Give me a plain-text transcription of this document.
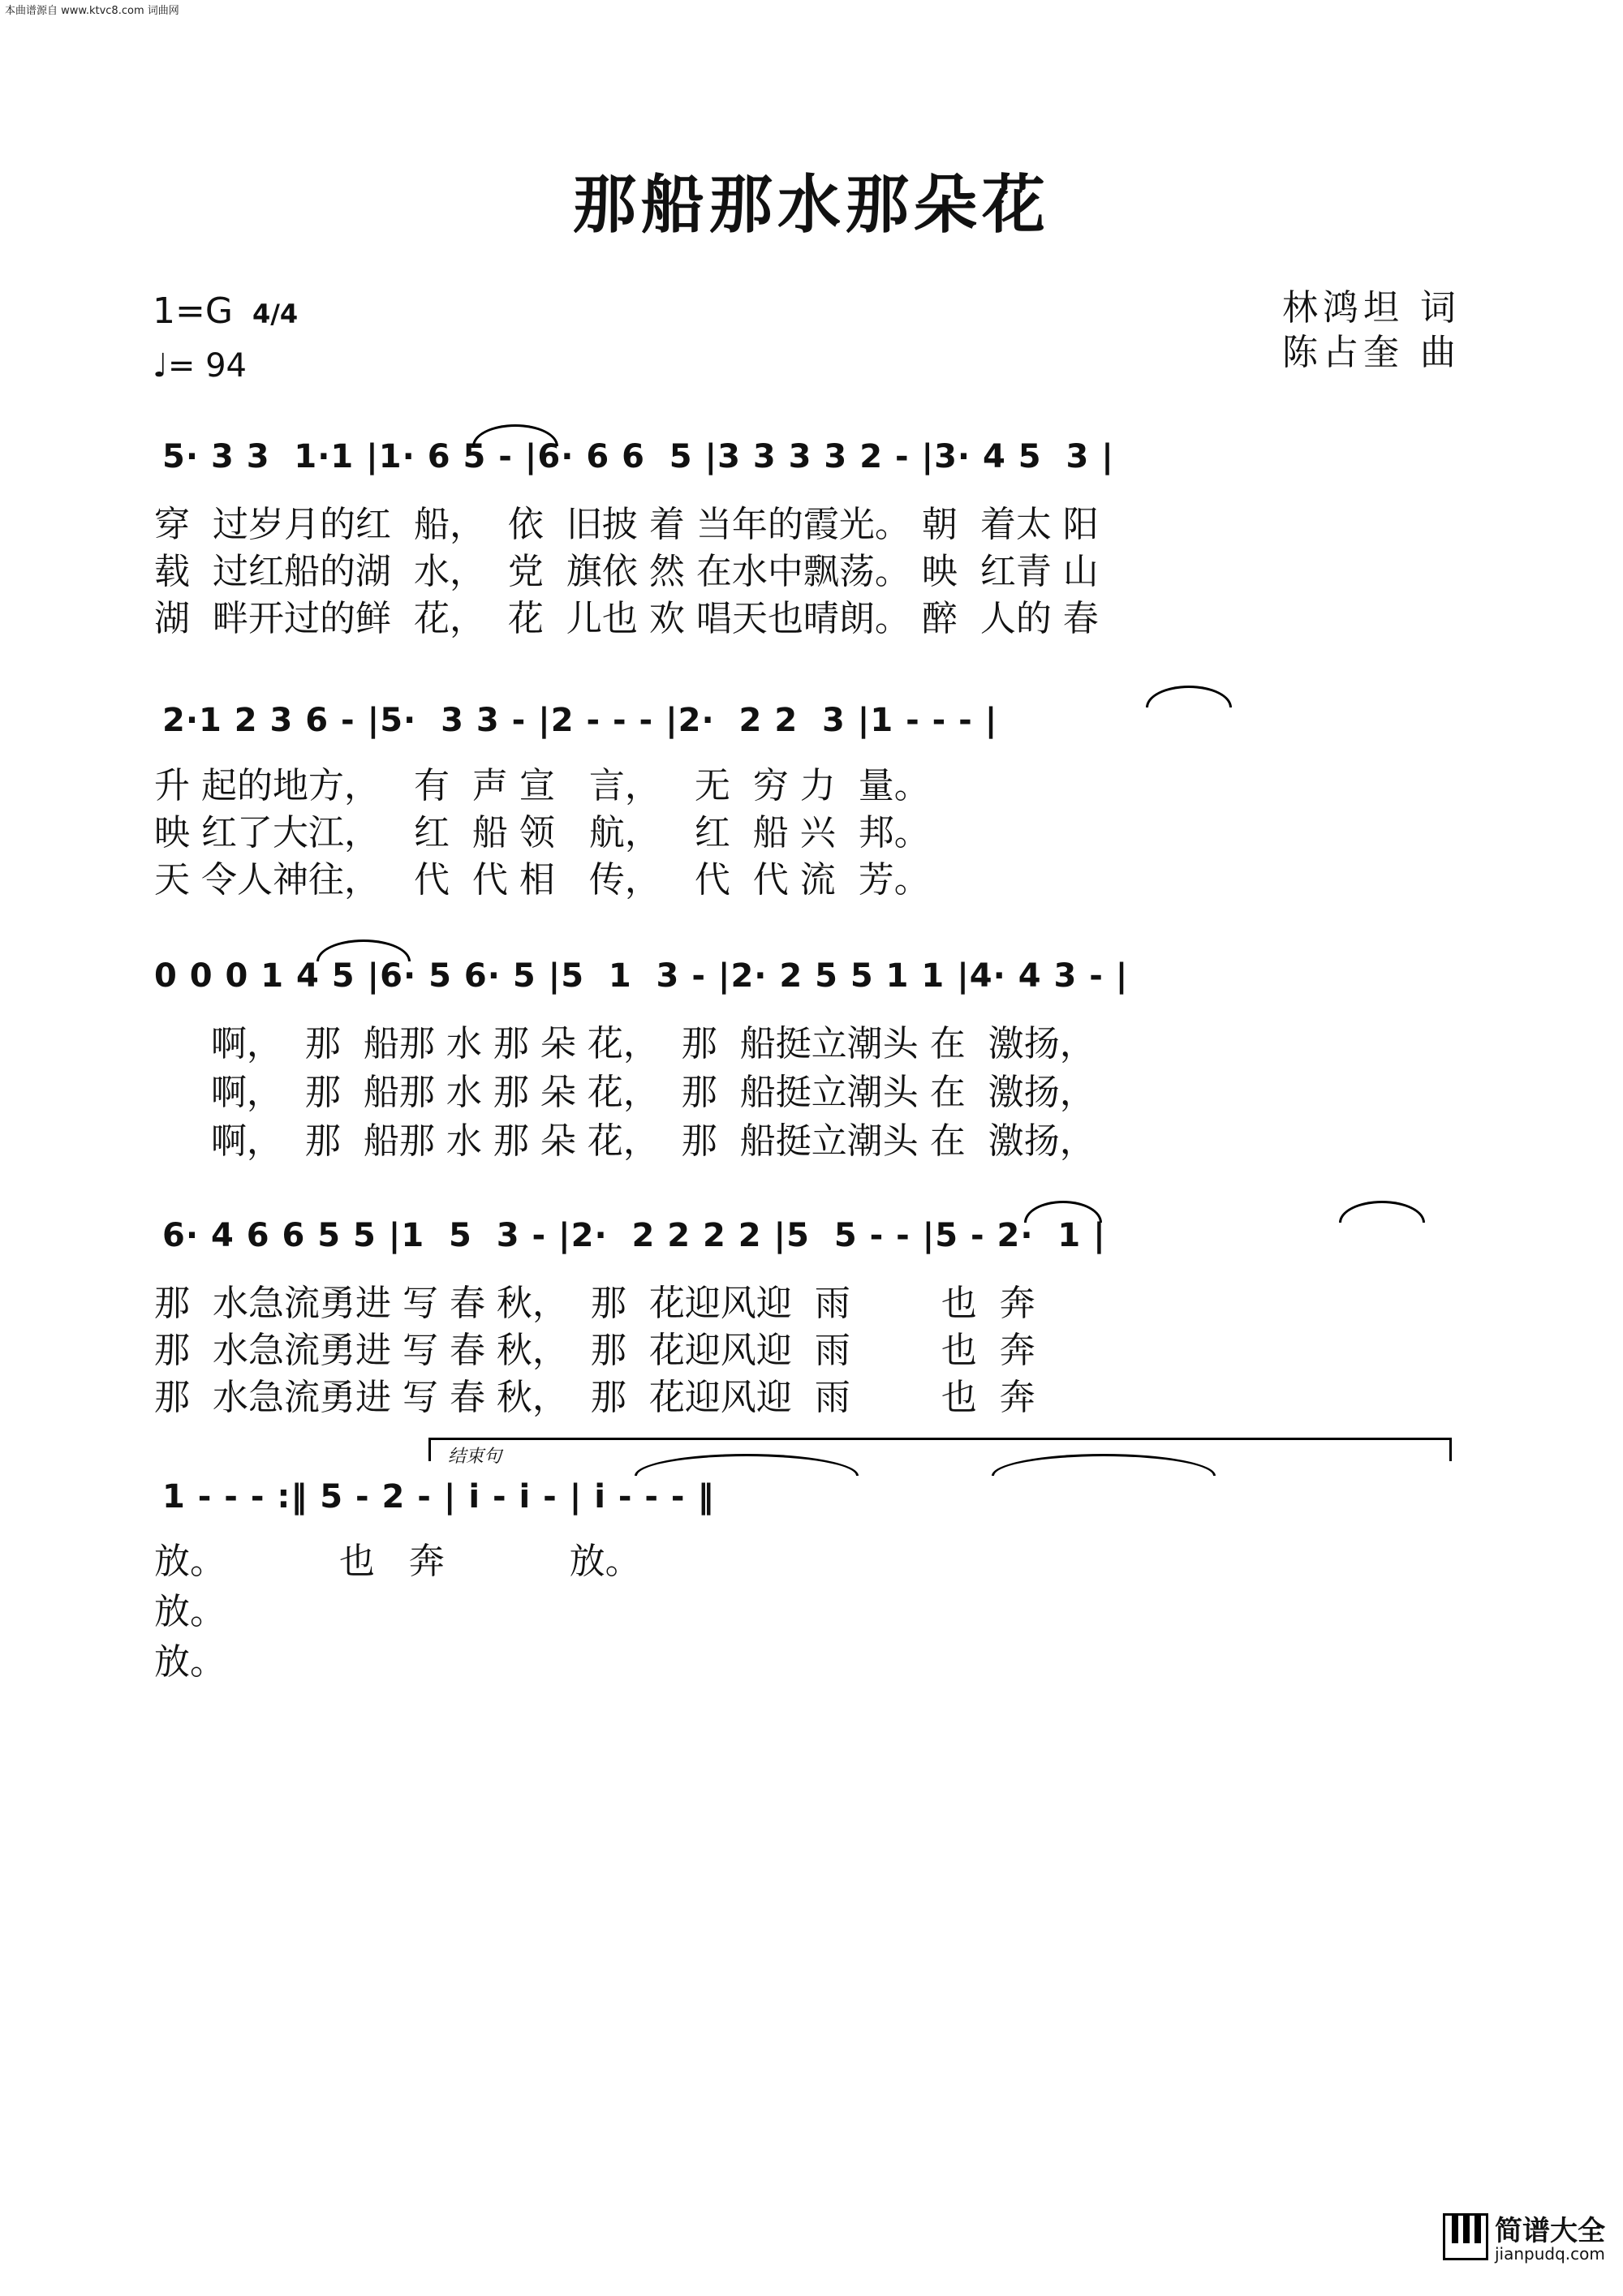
本曲谱源自 www.ktvc8.com 词曲网
那船那水那朵花
1=G 4/4
♩= 94
林鸿坦 词
陈占奎 曲
5· 3 3  1·1 |1· 6 5 - |6· 6 6  5 |3 3 3 3 2 - |3· 4 5  3 |
穿  过岁月的红  船，  依  旧披 着 当年的霞光。 朝  着太 阳
载  过红船的湖  水，  党  旗依 然 在水中飘荡。 映  红青 山
湖  畔开过的鲜  花，  花  儿也 欢 唱天也晴朗。 醉  人的 春
2·1 2 3 6 - |5·  3 3 - |2 - - - |2·  2 2  3 |1 - - - |
升 起的地方，   有  声 宣   言，   无  穷 力  量。
映 红了大江，   红  船 领   航，   红  船 兴  邦。
天 令人神往，   代  代 相   传，   代  代 流  芳。
0 0 0 1 4 5 |6· 5 6· 5 |5  1  3 - |2· 2 5 5 1 1 |4· 4 3 - |
啊，  那  船那 水 那 朵 花，  那  船挺立潮头 在  激扬，
啊，  那  船那 水 那 朵 花，  那  船挺立潮头 在  激扬，
啊，  那  船那 水 那 朵 花，  那  船挺立潮头 在  激扬，
6· 4 6 6 5 5 |1  5  3 - |2·  2 2 2 2 |5  5 - - |5 - 2·  1 |
那  水急流勇进 写 春 秋，  那  花迎风迎  雨        也  奔
那  水急流勇进 写 春 秋，  那  花迎风迎  雨        也  奔
那  水急流勇进 写 春 秋，  那  花迎风迎  雨        也  奔
结束句
1 - - - :‖ 5 - 2 - | i - i - | i - - - ‖
放。          也   奔           放。
放。
放。
简谱大全
jianpudq.com
